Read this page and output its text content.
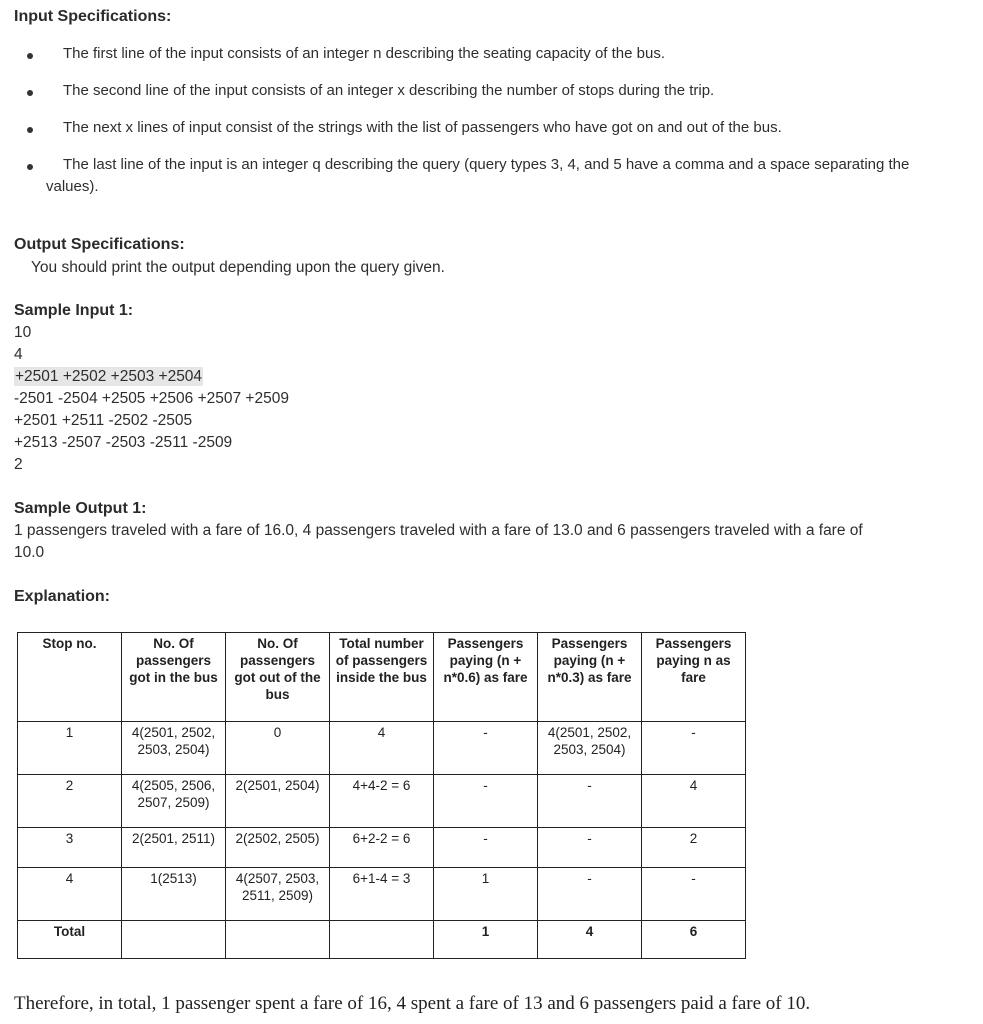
Input Specifications:
The first line of the input consists of an integer n describing the seating capacity of the bus.
The second line of the input consists of an integer x describing the number of stops during the trip.
The next x lines of input consist of the strings with the list of passengers who have got on and out of the bus.
The last line of the input is an integer q describing the query (query types 3, 4, and 5 have a comma and a space separating the
values).
Output Specifications:
You should print the output depending upon the query given.
Sample Input 1:
10
4
+2501 +2502 +2503 +2504
-2501 -2504 +2505 +2506 +2507 +2509
+2501 +2511 -2502 -2505
+2513 -2507 -2503 -2511 -2509
2
Sample Output 1:
1 passengers traveled with a fare of 16.0, 4 passengers traveled with a fare of 13.0 and 6 passengers traveled with a fare of
10.0
Explanation:
Stop no.	No. Of passengers got in the bus	No. Of passengers got out of the bus	Total number of passengers inside the bus	Passengers paying (n + n*0.6) as fare	Passengers paying (n + n*0.3) as fare	Passengers paying n as fare
1	4(2501, 2502, 2503, 2504)	0	4	-	4(2501, 2502, 2503, 2504)	-
2	4(2505, 2506, 2507, 2509)	2(2501, 2504)	4+4-2 = 6	-	-	4
3	2(2501, 2511)	2(2502, 2505)	6+2-2 = 6	-	-	2
4	1(2513)	4(2507, 2503, 2511, 2509)	6+1-4 = 3	1	-	-
Total				1	4	6
Therefore, in total, 1 passenger spent a fare of 16, 4 spent a fare of 13 and 6 passengers paid a fare of 10.
